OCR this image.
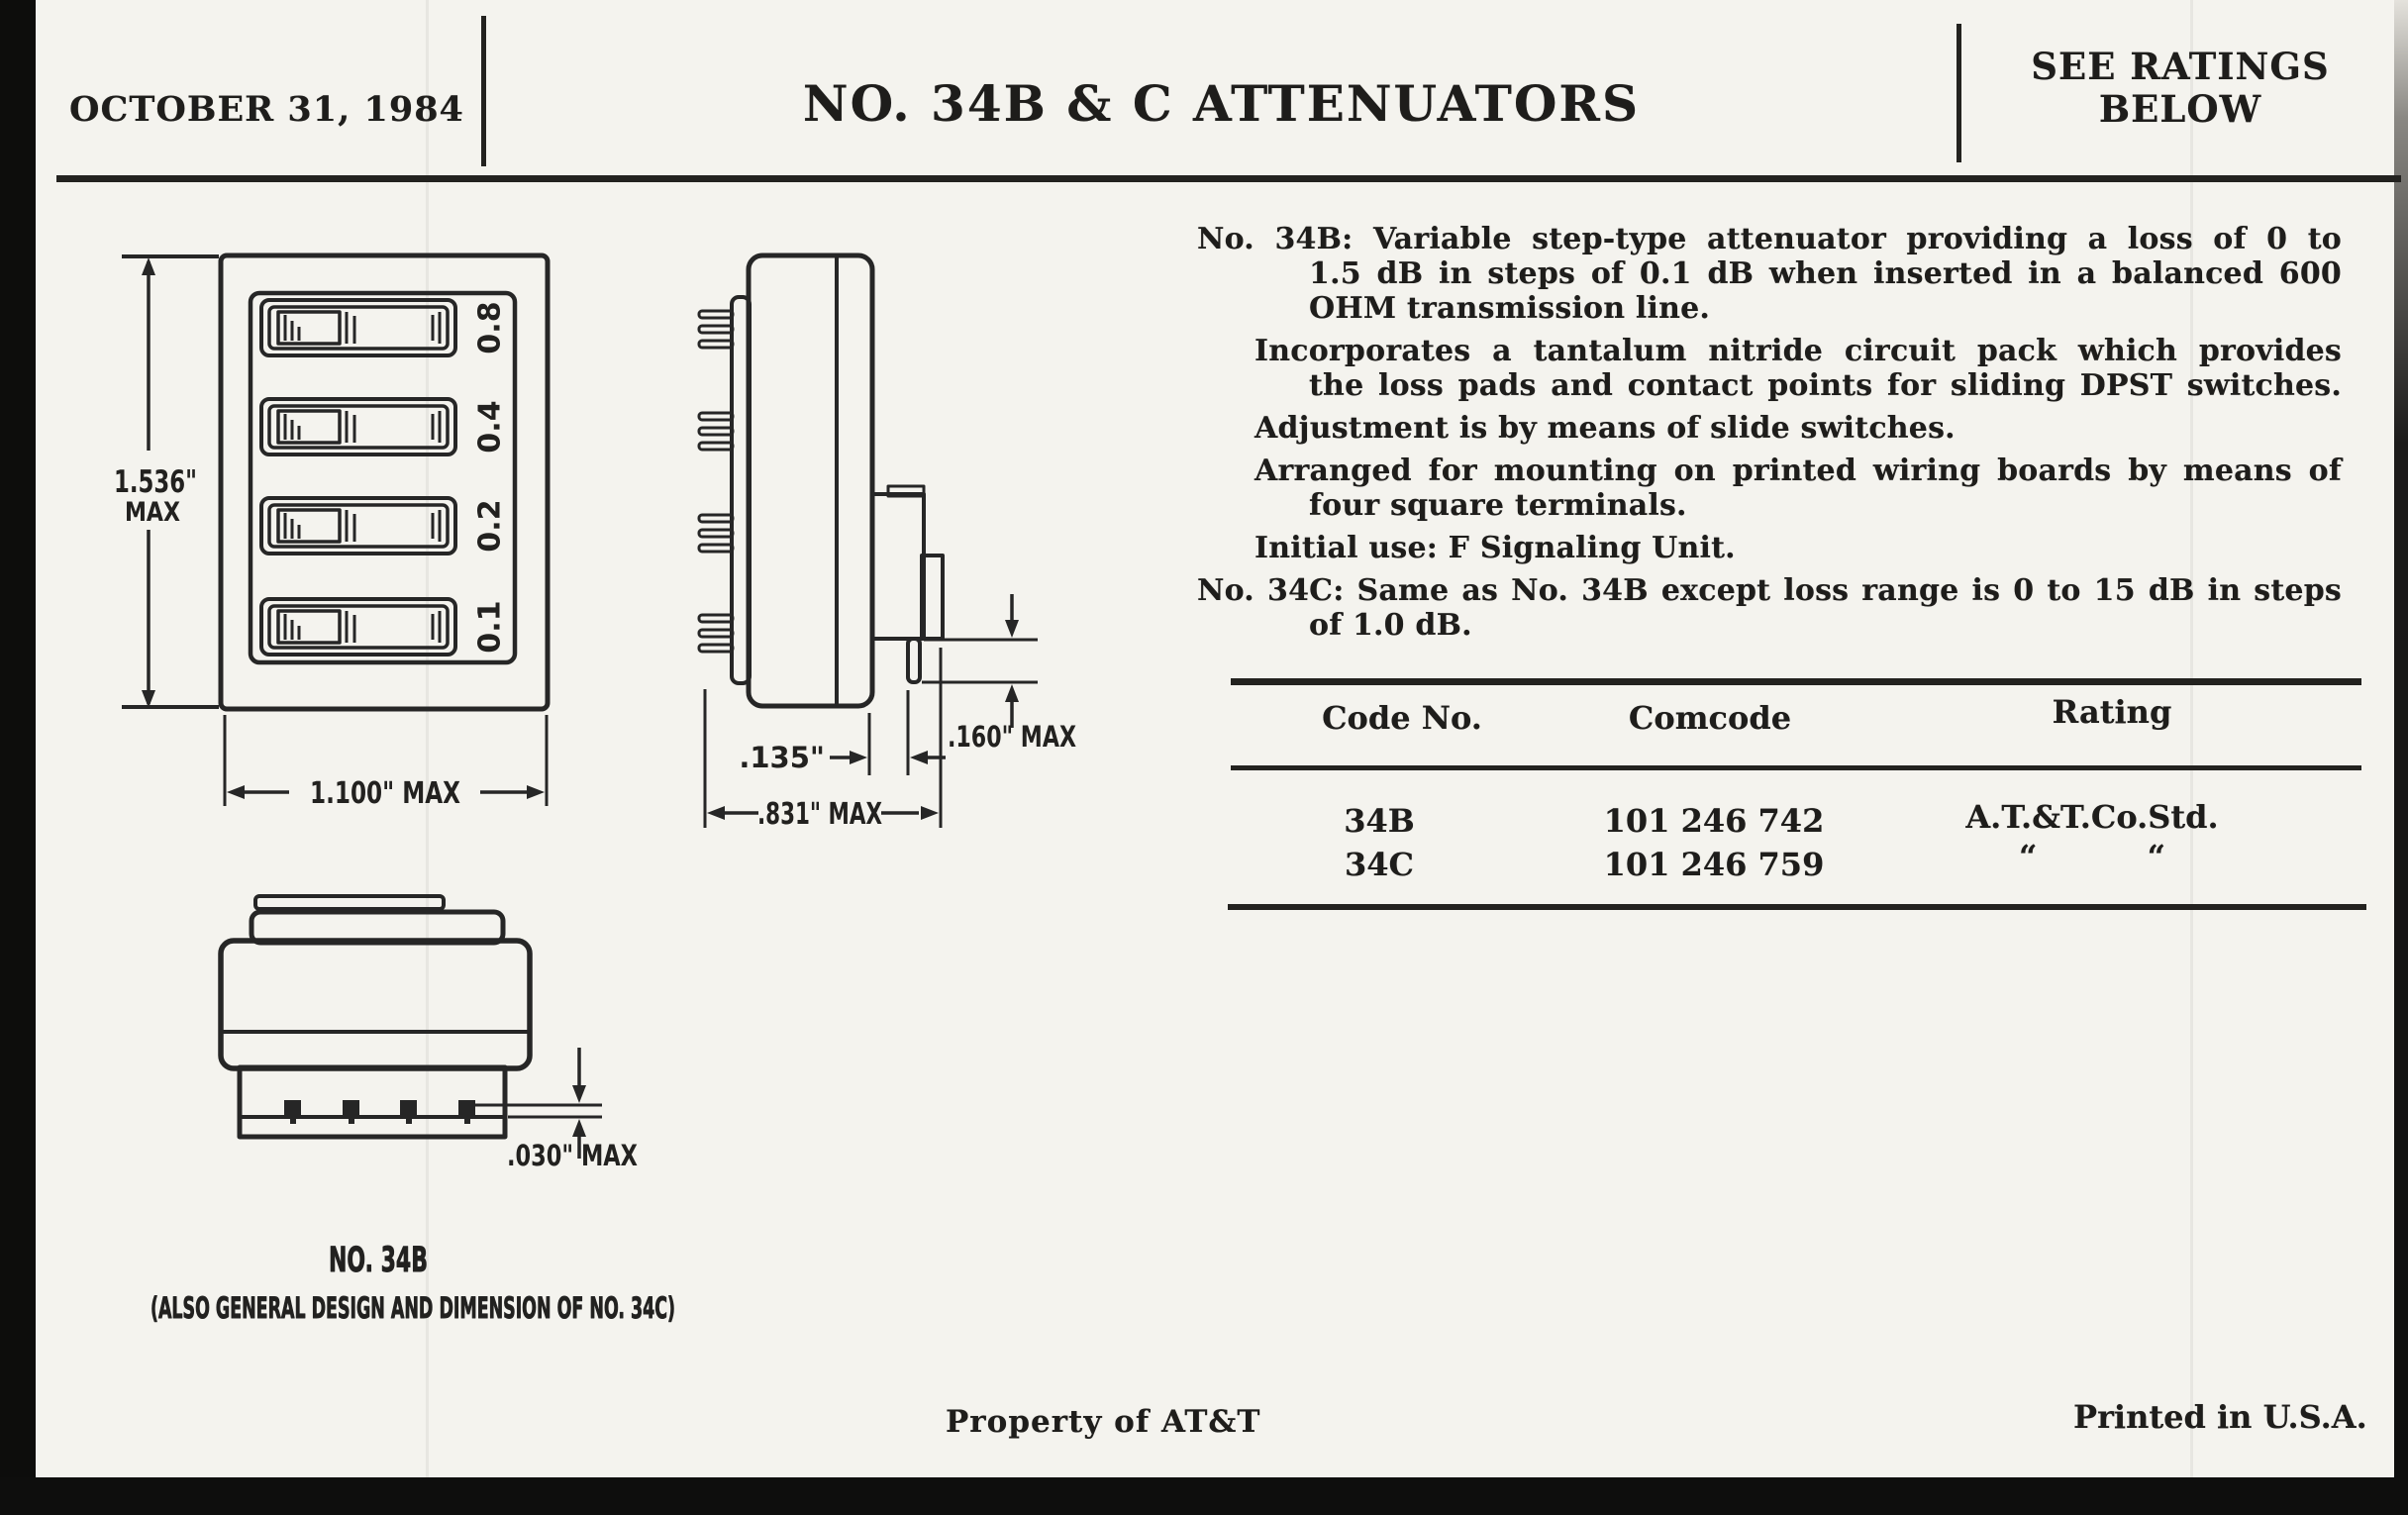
OCTOBER 31, 1984	NO. 34B & C ATTENUATORS
SEE RATINGS
BELOW
No. 34B: Variable step-type attenuator providing a loss of 0 to
1.5 dB in steps of 0.1 dB when inserted in a balanced 600
OHM transmission line.
Incorporates a tantalum nitride circuit pack which provides
the loss pads and contact points for sliding DPST switches.
Adjustment is by means of slide switches.
Arranged for mounting on printed wiring boards by means of
four square terminals.
Initial use: F Signaling Unit.
No. 34C: Same as No. 34B except loss range is 0 to 15 dB in steps
of 1.0 dB.
Code No.	Comcode	Rating
34B	101 246 742	A.T.&T.Co.Std.
34C	101 246 759	“ “
0.8
0.4
0.2
0.1
1.536"
MAX
1.100" MAX
.160" MAX
.135"
.831" MAX
.030" MAX
NO. 34B
(ALSO GENERAL DESIGN AND DIMENSION OF NO. 34C)
Property of AT&T	Printed in U.S.A.
